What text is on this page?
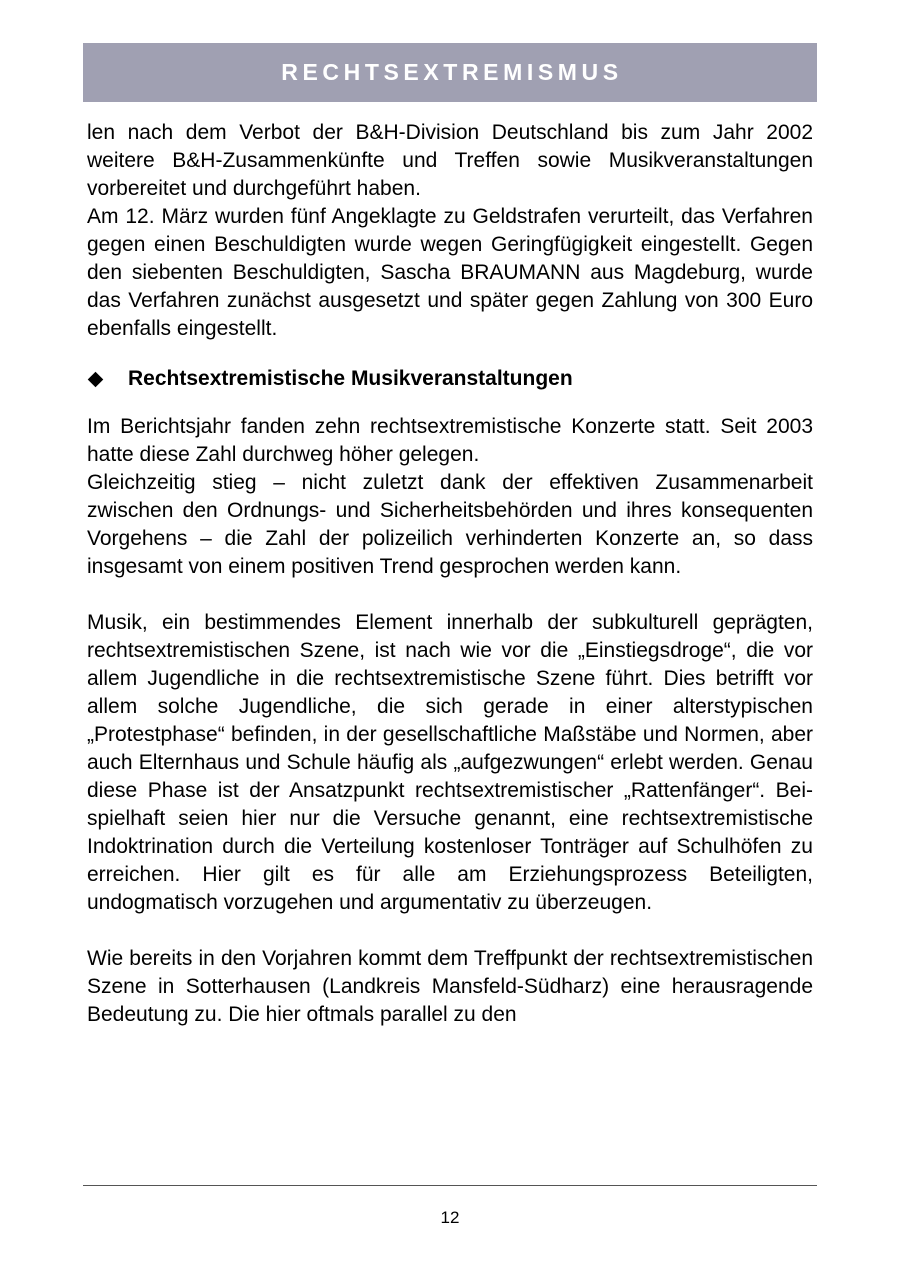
RECHTSEXTREMISMUS

len nach dem Verbot der B&H-Division Deutschland bis zum Jahr 2002 weitere B&H-Zusammenkünfte und Treffen sowie Musikveranstaltungen vorbereitet und durchgeführt haben.

Am 12. März wurden fünf Angeklagte zu Geldstrafen verurteilt, das Verfahren gegen einen Beschuldigten wurde wegen Geringfügigkeit eingestellt. Gegen den siebenten Beschuldigten, Sascha BRAUMANN aus Magdeburg, wurde das Verfahren zunächst ausgesetzt und später gegen Zahlung von 300 Euro ebenfalls eingestellt.

Rechtsextremistische Musikveranstaltungen

Im Berichtsjahr fanden zehn rechtsextremistische Konzerte statt. Seit 2003 hatte diese Zahl durchweg höher gelegen.

Gleichzeitig stieg – nicht zuletzt dank der effektiven Zusammenarbeit zwischen den Ordnungs- und Sicherheitsbehörden und ihres konsequenten Vorgehens – die Zahl der polizeilich verhinderten Konzerte an, so dass insgesamt von einem positiven Trend gesprochen werden kann.

Musik, ein bestimmendes Element innerhalb der subkulturell geprägten, rechtsextremistischen Szene, ist nach wie vor die „Einstiegsdroge“, die vor allem Jugendliche in die rechtsextremistische Szene führt. Dies betrifft vor allem solche Jugendliche, die sich gerade in einer alterstypischen „Protestphase“ befinden, in der gesellschaftliche Maßstäbe und Normen, aber auch Elternhaus und Schule häufig als „aufgezwungen“ erlebt werden. Genau diese Phase ist der Ansatzpunkt rechtsextremistischer „Rattenfänger“. Beispielhaft seien hier nur die Versuche genannt, eine rechtsextremistische Indoktrination durch die Verteilung kostenloser Tonträger auf Schulhöfen zu erreichen. Hier gilt es für alle am Erziehungsprozess Beteiligten, undogmatisch vorzugehen und argumentativ zu überzeugen.

Wie bereits in den Vorjahren kommt dem Treffpunkt der rechtsextremistischen Szene in Sotterhausen (Landkreis Mansfeld-Südharz) eine herausragende Bedeutung zu. Die hier oftmals parallel zu den

12
